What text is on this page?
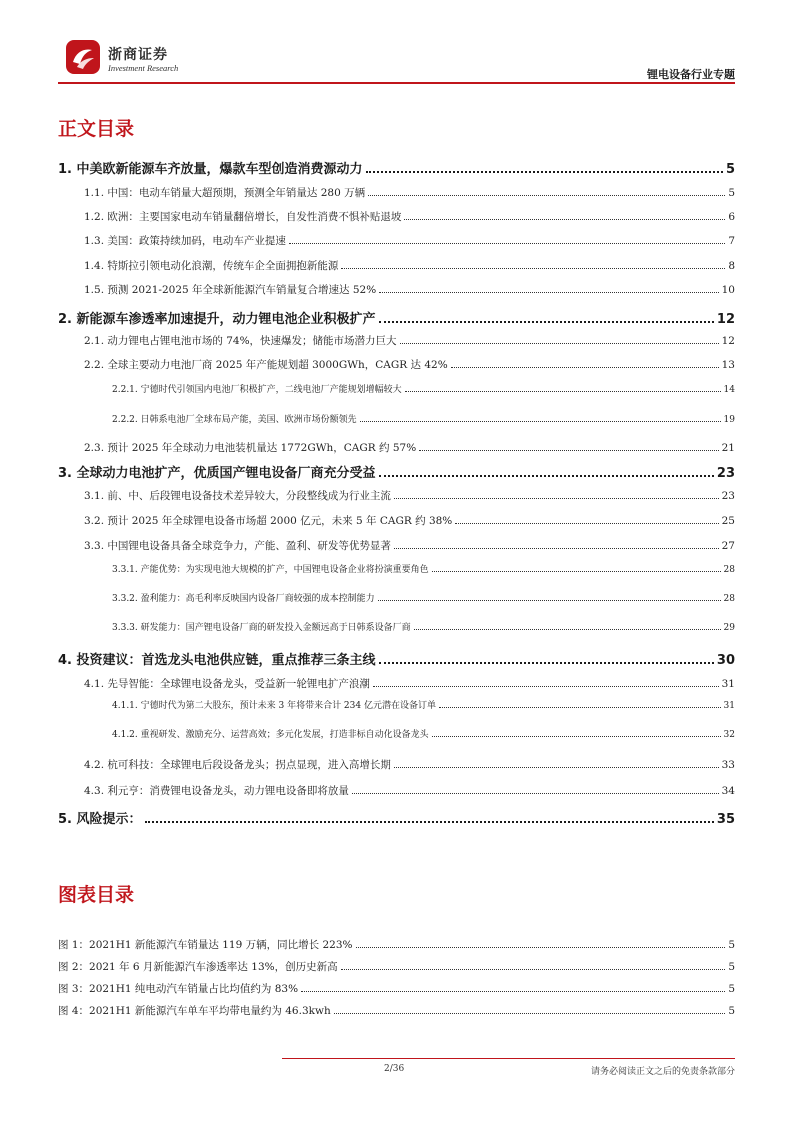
浙商证券
Investment Research	锂电设备行业专题
正文目录
1. 中美欧新能源车齐放量，爆款车型创造消费源动力	5
1.1. 中国：电动车销量大超预期，预测全年销量达 280 万辆	5
1.2. 欧洲：主要国家电动车销量翻倍增长，自发性消费不惧补贴退坡	6
1.3. 美国：政策持续加码，电动车产业提速	7
1.4. 特斯拉引领电动化浪潮，传统车企全面拥抱新能源	8
1.5. 预测 2021-2025 年全球新能源汽车销量复合增速达 52%	10
2. 新能源车渗透率加速提升，动力锂电池企业积极扩产	12
2.1. 动力锂电占锂电池市场的 74%，快速爆发；储能市场潜力巨大	12
2.2. 全球主要动力电池厂商 2025 年产能规划超 3000GWh，CAGR 达 42%	13
2.2.1. 宁德时代引领国内电池厂积极扩产，二线电池厂产能规划增幅较大	14
2.2.2. 日韩系电池厂全球布局产能，美国、欧洲市场份额领先	19
2.3. 预计 2025 年全球动力电池装机量达 1772GWh，CAGR 约 57%	21
3. 全球动力电池扩产，优质国产锂电设备厂商充分受益	23
3.1. 前、中、后段锂电设备技术差异较大，分段整线成为行业主流	23
3.2. 预计 2025 年全球锂电设备市场超 2000 亿元，未来 5 年 CAGR 约 38%	25
3.3. 中国锂电设备具备全球竞争力，产能、盈利、研发等优势显著	27
3.3.1. 产能优势：为实现电池大规模的扩产，中国锂电设备企业将扮演重要角色	28
3.3.2. 盈利能力：高毛利率反映国内设备厂商较强的成本控制能力	28
3.3.3. 研发能力：国产锂电设备厂商的研发投入金额远高于日韩系设备厂商	29
4. 投资建议：首选龙头电池供应链，重点推荐三条主线	30
4.1. 先导智能：全球锂电设备龙头，受益新一轮锂电扩产浪潮	31
4.1.1. 宁德时代为第二大股东，预计未来 3 年将带来合计 234 亿元潜在设备订单	31
4.1.2. 重视研发、激励充分、运营高效；多元化发展，打造非标自动化设备龙头	32
4.2. 杭可科技：全球锂电后段设备龙头；拐点显现，进入高增长期	33
4.3. 利元亨：消费锂电设备龙头，动力锂电设备即将放量	34
5. 风险提示：	35
图表目录
图 1：2021H1 新能源汽车销量达 119 万辆，同比增长 223%	5
图 2：2021 年 6 月新能源汽车渗透率达 13%，创历史新高	5
图 3：2021H1 纯电动汽车销量占比均值约为 83%	5
图 4：2021H1 新能源汽车单车平均带电量约为 46.3kwh	5
2/36	请务必阅读正文之后的免责条款部分
